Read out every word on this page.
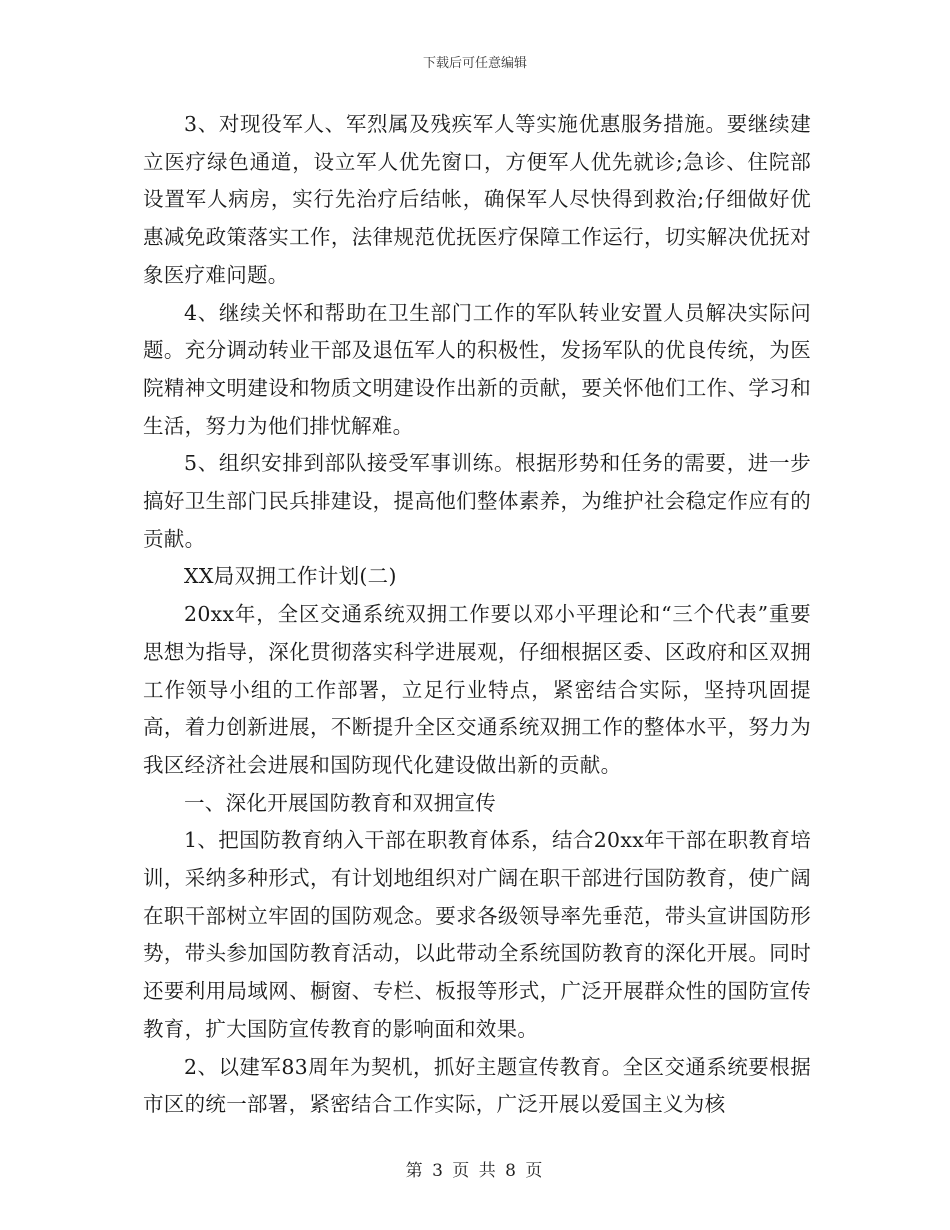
下载后可任意编辑

3、对现役军人、军烈属及残疾军人等实施优惠服务措施。要继续建立医疗绿色通道，设立军人优先窗口，方便军人优先就诊;急诊、住院部设置军人病房，实行先治疗后结帐，确保军人尽快得到救治;仔细做好优惠减免政策落实工作，法律规范优抚医疗保障工作运行，切实解决优抚对象医疗难问题。

4、继续关怀和帮助在卫生部门工作的军队转业安置人员解决实际问题。充分调动转业干部及退伍军人的积极性，发扬军队的优良传统，为医院精神文明建设和物质文明建设作出新的贡献，要关怀他们工作、学习和生活，努力为他们排忧解难。

5、组织安排到部队接受军事训练。根据形势和任务的需要，进一步搞好卫生部门民兵排建设，提高他们整体素养，为维护社会稳定作应有的贡献。

XX局双拥工作计划(二)

20xx年，全区交通系统双拥工作要以邓小平理论和“三个代表”重要思想为指导，深化贯彻落实科学进展观，仔细根据区委、区政府和区双拥工作领导小组的工作部署，立足行业特点，紧密结合实际，坚持巩固提高，着力创新进展，不断提升全区交通系统双拥工作的整体水平，努力为我区经济社会进展和国防现代化建设做出新的贡献。

一、深化开展国防教育和双拥宣传

1、把国防教育纳入干部在职教育体系，结合20xx年干部在职教育培训，采纳多种形式，有计划地组织对广阔在职干部进行国防教育，使广阔在职干部树立牢固的国防观念。要求各级领导率先垂范，带头宣讲国防形势，带头参加国防教育活动，以此带动全系统国防教育的深化开展。同时还要利用局域网、橱窗、专栏、板报等形式，广泛开展群众性的国防宣传教育，扩大国防宣传教育的影响面和效果。

2、以建军83周年为契机，抓好主题宣传教育。全区交通系统要根据市区的统一部署，紧密结合工作实际，广泛开展以爱国主义为核

第 3 页 共 8 页
